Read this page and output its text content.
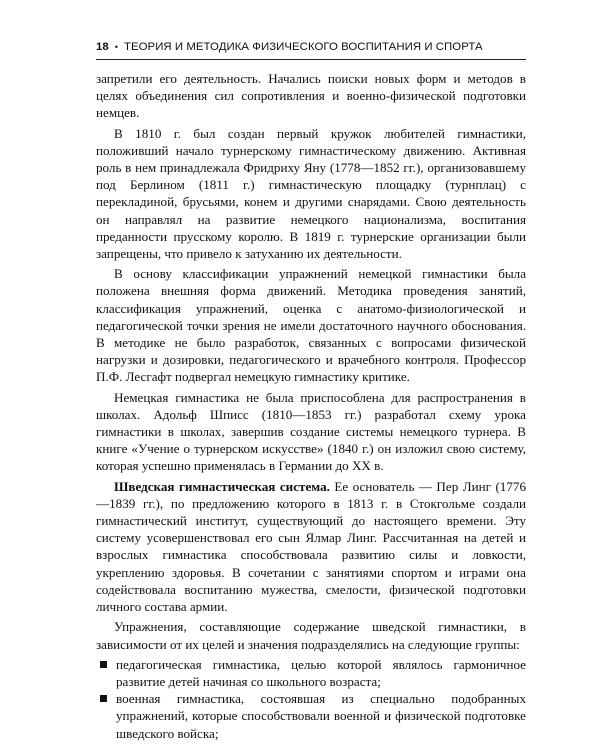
18 • ТЕОРИЯ И МЕТОДИКА ФИЗИЧЕСКОГО ВОСПИТАНИЯ И СПОРТА

запретили его деятельность. Начались поиски новых форм и методов в целях объединения сил сопротивления и военно-физической подготовки немцев.

В 1810 г. был создан первый кружок любителей гимнастики, положивший начало турнерскому гимнастическому движению. Активная роль в нем принадлежала Фридриху Яну (1778—1852 гг.), организовавшему под Берлином (1811 г.) гимнастическую площадку (турнплац) с перекладиной, брусьями, конем и другими снарядами. Свою деятельность он направлял на развитие немецкого национализма, воспитания преданности прусскому королю. В 1819 г. турнерские организации были запрещены, что привело к затуханию их деятельности.

В основу классификации упражнений немецкой гимнастики была положена внешняя форма движений. Методика проведения занятий, классификация упражнений, оценка с анатомо-физиологической и педагогической точки зрения не имели достаточного научного обоснования. В методике не было разработок, связанных с вопросами физической нагрузки и дозировки, педагогического и врачебного контроля. Профессор П.Ф. Лесгафт подвергал немецкую гимнастику критике.

Немецкая гимнастика не была приспособлена для распространения в школах. Адольф Шписс (1810—1853 гг.) разработал схему урока гимнастики в школах, завершив создание системы немецкого турнера. В книге «Учение о турнерском искусстве» (1840 г.) он изложил свою систему, которая успешно применялась в Германии до XX в.

Шведская гимнастическая система. Ее основатель — Пер Линг (1776—1839 гг.), по предложению которого в 1813 г. в Стокгольме создали гимнастический институт, существующий до настоящего времени. Эту систему усовершенствовал его сын Ялмар Линг. Рассчитанная на детей и взрослых гимнастика способствовала развитию силы и ловкости, укреплению здоровья. В сочетании с занятиями спортом и играми она содействовала воспитанию мужества, смелости, физической подготовки личного состава армии.

Упражнения, составляющие содержание шведской гимнастики, в зависимости от их целей и значения подразделялись на следующие группы:

педагогическая гимнастика, целью которой являлось гармоничное развитие детей начиная со школьного возраста;
военная гимнастика, состоявшая из специально подобранных упражнений, которые способствовали военной и физической подготовке шведского войска;
